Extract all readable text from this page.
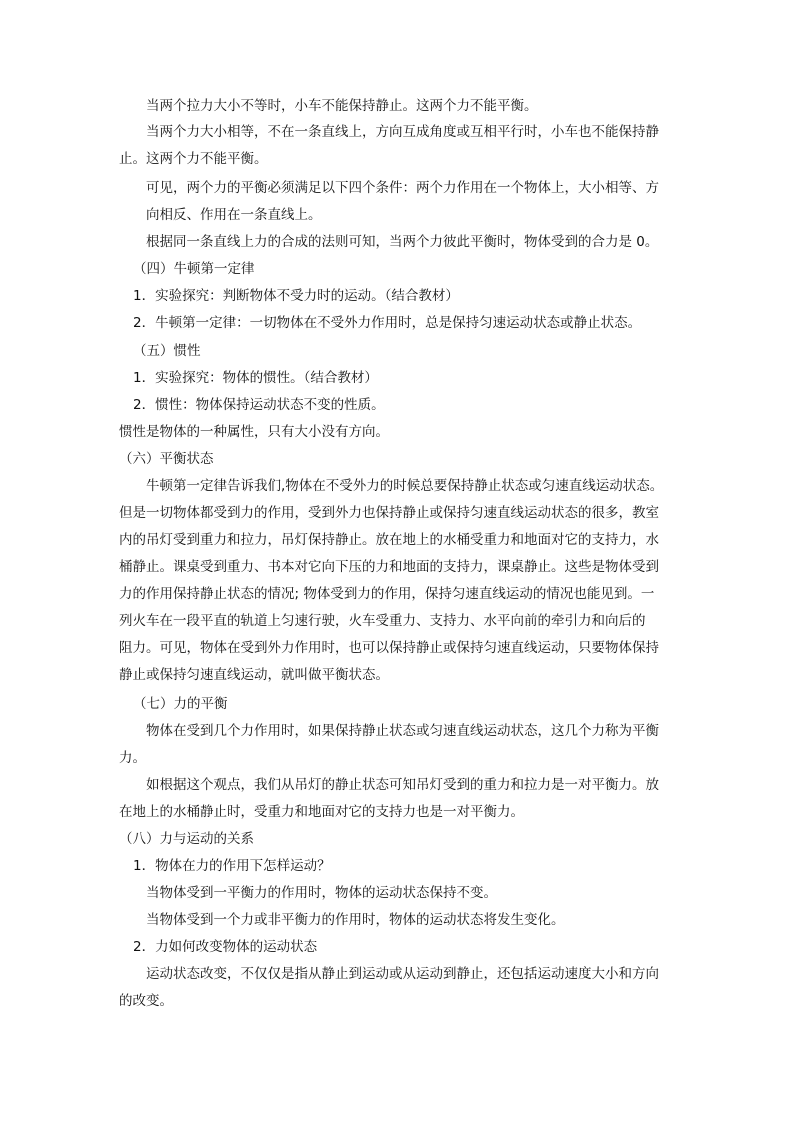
当两个拉力大小不等时，小车不能保持静止。这两个力不能平衡。
当两个力大小相等，不在一条直线上，方向互成角度或互相平行时，小车也不能保持静
止。这两个力不能平衡。
可见，两个力的平衡必须满足以下四个条件：两个力作用在一个物体上，大小相等、方
向相反、作用在一条直线上。
根据同一条直线上力的合成的法则可知，当两个力彼此平衡时，物体受到的合力是 0。
（四）牛顿第一定律
1．实验探究：判断物体不受力时的运动。（结合教材）
2．牛顿第一定律：一切物体在不受外力作用时，总是保持匀速运动状态或静止状态。
（五）惯性
1．实验探究：物体的惯性。（结合教材）
2．惯性：物体保持运动状态不变的性质。
惯性是物体的一种属性，只有大小没有方向。
（六）平衡状态
牛顿第一定律告诉我们,物体在不受外力的时候总要保持静止状态或匀速直线运动状态。
但是一切物体都受到力的作用，受到外力也保持静止或保持匀速直线运动状态的很多，教室
内的吊灯受到重力和拉力，吊灯保持静止。放在地上的水桶受重力和地面对它的支持力，水
桶静止。课桌受到重力、书本对它向下压的力和地面的支持力，课桌静止。这些是物体受到
力的作用保持静止状态的情况; 物体受到力的作用，保持匀速直线运动的情况也能见到。一
列火车在一段平直的轨道上匀速行驶，火车受重力、支持力、水平向前的牵引力和向后的
阻力。可见，物体在受到外力作用时，也可以保持静止或保持匀速直线运动，只要物体保持
静止或保持匀速直线运动，就叫做平衡状态。
（七）力的平衡
物体在受到几个力作用时，如果保持静止状态或匀速直线运动状态，这几个力称为平衡
力。
如根据这个观点，我们从吊灯的静止状态可知吊灯受到的重力和拉力是一对平衡力。放
在地上的水桶静止时，受重力和地面对它的支持力也是一对平衡力。
（八）力与运动的关系
1．物体在力的作用下怎样运动？
当物体受到一平衡力的作用时，物体的运动状态保持不变。
当物体受到一个力或非平衡力的作用时，物体的运动状态将发生变化。
2．力如何改变物体的运动状态
运动状态改变，不仅仅是指从静止到运动或从运动到静止，还包括运动速度大小和方向
的改变。
